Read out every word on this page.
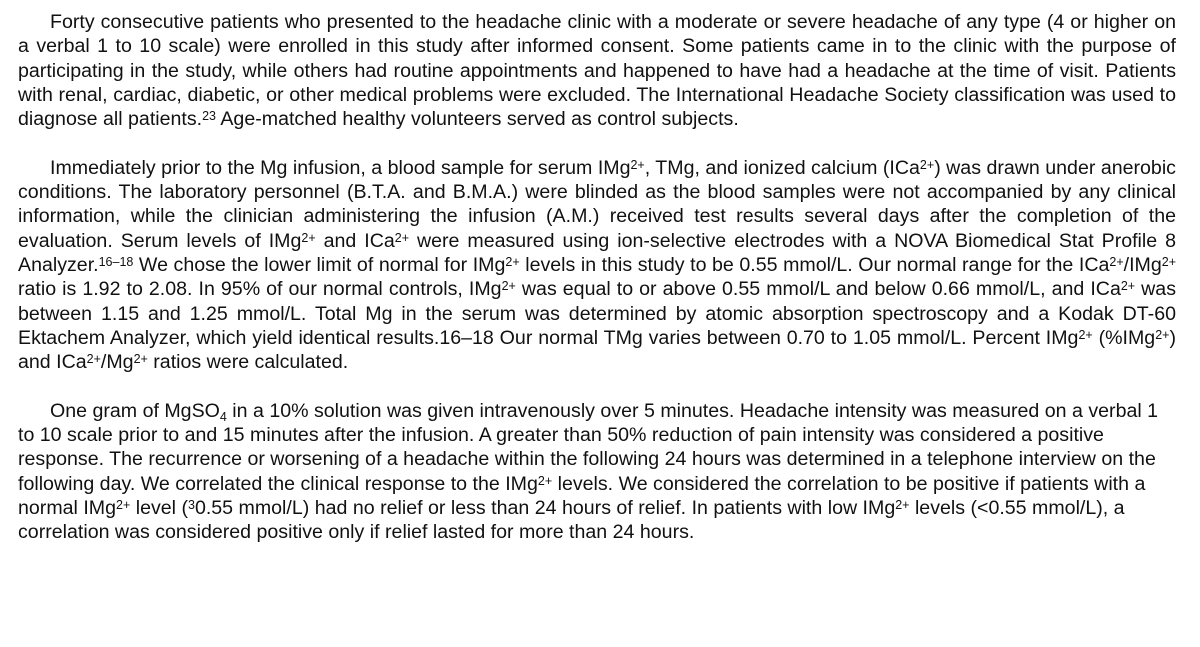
Forty consecutive patients who presented to the headache clinic with a moderate or severe headache of any type (4 or higher on a verbal 1 to 10 scale) were enrolled in this study after informed consent. Some patients came in to the clinic with the purpose of participating in the study, while others had routine appointments and happened to have had a headache at the time of visit. Patients with renal, cardiac, diabetic, or other medical problems were excluded. The International Headache Society classification was used to diagnose all patients.$^{23}$ Age-matched healthy volunteers served as control subjects.

Immediately prior to the Mg infusion, a blood sample for serum IMg$^{2+}$, TMg, and ionized calcium (ICa$^{2+}$) was drawn under anerobic conditions. The laboratory personnel (B.T.A. and B.M.A.) were blinded as the blood samples were not accompanied by any clinical information, while the clinician administering the infusion (A.M.) received test results several days after the completion of the evaluation. Serum levels of IMg$^{2+}$ and ICa$^{2+}$ were measured using ion-selective electrodes with a NOVA Biomedical Stat Profile 8 Analyzer.$^{16-18}$ We chose the lower limit of normal for IMg$^{2+}$ levels in this study to be 0.55 mmol/L. Our normal range for the ICa$^{2+}$/IMg$^{2+}$ ratio is 1.92 to 2.08. In 95% of our normal controls, IMg$^{2+}$ was equal to or above 0.55 mmol/L and below 0.66 mmol/L, and ICa$^{2+}$ was between 1.15 and 1.25 mmol/L. Total Mg in the serum was determined by atomic absorption spectroscopy and a Kodak DT-60 Ektachem Analyzer, which yield identical results.16–18 Our normal TMg varies between 0.70 to 1.05 mmol/L. Percent IMg$^{2+}$ (%IMg$^{2+}$) and $ICa^{2+}/Mg^{2+}$ ratios were calculated.

One gram of MgSO$_4$ in a 10% solution was given intravenously over 5 minutes. Headache intensity was measured on a verbal 1 to 10 scale prior to and 15 minutes after the infusion. A greater than 50% reduction of pain intensity was considered a positive response. The recurrence or worsening of a headache within the following 24 hours was determined in a telephone interview on the following day. We correlated the clinical response to the IMg$^{2+}$ levels. We considered the correlation to be positive if patients with a normal IMg$^{2+}$ level ($^3$0.55 mmol/L) had no relief or less than 24 hours of relief. In patients with low IMg$^{2+}$ levels (<0.55 mmol/L), a correlation was considered positive only if relief lasted for more than 24 hours.
